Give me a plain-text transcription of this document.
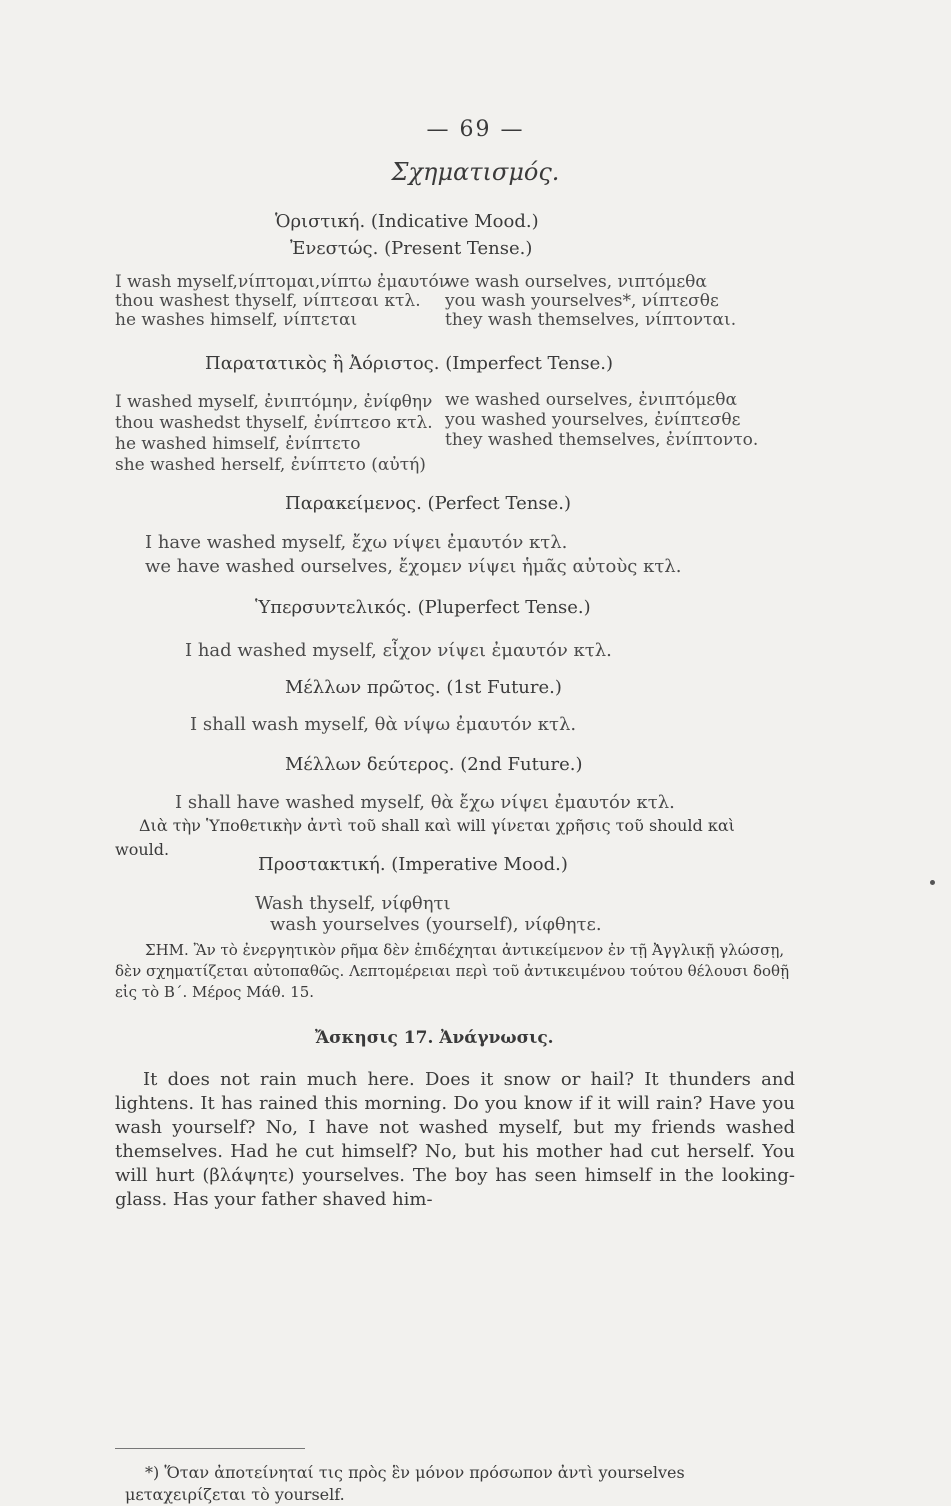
— 69 —
Σχηματισμός.
Ὁριστική. (Indicative Mood.)
Ἐνεστώς. (Present Tense.)
I wash myself,νίπτομαι,νίπτω ἐμαυτόν
thou washest thyself, νίπτεσαι κτλ.
he washes himself, νίπτεται
we wash ourselves, νιπτόμεθα
you wash yourselves*, νίπτεσθε
they wash themselves, νίπτονται.
Παρατατικὸς ἢ Ἀόριστος. (Imperfect Tense.)
I washed myself, ἐνιπτόμην, ἐνίφθην
thou washedst thyself, ἐνίπτεσο κτλ.
he washed himself, ἐνίπτετο
she washed herself, ἐνίπτετο (αὐτή)
we washed ourselves, ἐνιπτόμεθα
you washed yourselves, ἐνίπτεσθε
they washed themselves, ἐνίπτοντο.
Παρακείμενος. (Perfect Tense.)
I have washed myself, ἔχω νίψει ἐμαυτόν κτλ.
we have washed ourselves, ἔχομεν νίψει ἡμᾶς αὐτοὺς κτλ.
Ὑπερσυντελικός. (Pluperfect Tense.)
I had washed myself, εἶχον νίψει ἐμαυτόν κτλ.
Μέλλων πρῶτος. (1st Future.)
I shall wash myself, θὰ νίψω ἐμαυτόν κτλ.
Μέλλων δεύτερος. (2nd Future.)
I shall have washed myself, θὰ ἔχω νίψει ἐμαυτόν κτλ.
Διὰ τὴν Ὑποθετικὴν ἀντὶ τοῦ shall καὶ will γίνεται χρῆσις τοῦ should καὶ would.
Προστακτική. (Imperative Mood.)
Wash thyself, νίφθητι
wash yourselves (yourself), νίφθητε.
ΣΗΜ. Ἂν τὸ ἐνεργητικὸν ρῆμα δὲν ἐπιδέχηται ἀντικείμενον ἐν τῇ Ἀγγλικῇ γλώσσῃ, δὲν σχηματίζεται αὐτοπαθῶς. Λεπτομέρειαι περὶ τοῦ ἀντικειμένου τούτου θέλουσι δοθῇ εἰς τὸ Β΄. Μέρος Μάθ. 15.
Ἄσκησις 17. Ἀνάγνωσις.
It does not rain much here. Does it snow or hail? It thunders and lightens. It has rained this morning. Do you know if it will rain? Have you wash yourself? No, I have not washed myself, but my friends washed themselves. Had he cut himself? No, but his mother had cut herself. You will hurt (βλάψητε) yourselves. The boy has seen himself in the looking-glass. Has your father shaved him-
*) Ὅταν ἀποτείνηταί τις πρὸς ἓν μόνον πρόσωπον ἀντὶ yourselves μεταχειρίζεται τὸ yourself.
